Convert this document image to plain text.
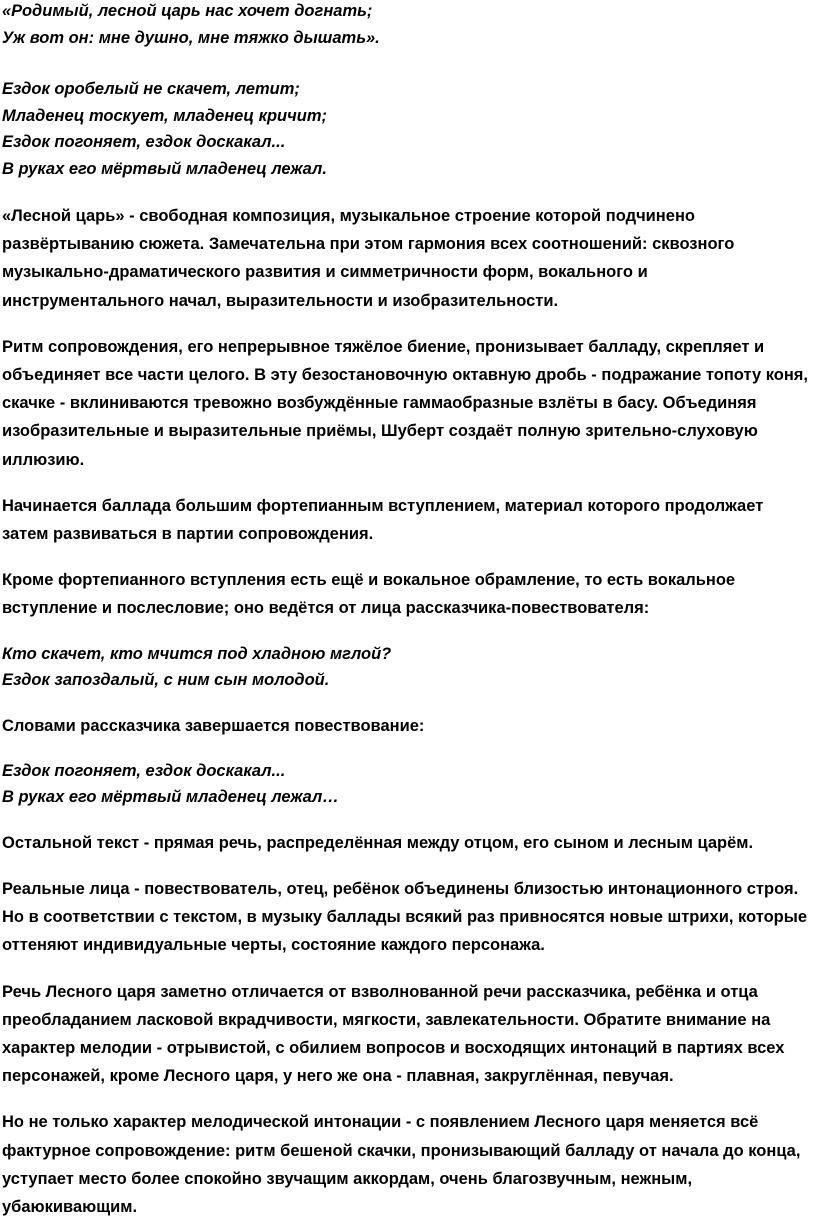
«Родимый, лесной царь нас хочет догнать;
Уж вот он: мне душно, мне тяжко дышать».
Ездок оробелый не скачет, летит;
Младенец тоскует, младенец кричит;
Ездок погоняет, ездок доскакал...
В руках его мёртвый младенец лежал.

«Лесной царь» - свободная композиция, музыкальное строение которой подчинено развёртыванию сюжета. Замечательна при этом гармония всех соотношений: сквозного музыкально-драматического развития и симметричности форм, вокального и инструментального начал, выразительности и изобразительности.

Ритм сопровождения, его непрерывное тяжёлое биение, пронизывает балладу, скрепляет и объединяет все части целого. В эту безостановочную октавную дробь - подражание топоту коня, скачке - вклиниваются тревожно возбуждённые гаммаобразные взлёты в басу. Объединяя изобразительные и выразительные приёмы, Шуберт создаёт полную зрительно-слуховую иллюзию.

Начинается баллада большим фортепианным вступлением, материал которого продолжает затем развиваться в партии сопровождения.

Кроме фортепианного вступления есть ещё и вокальное обрамление, то есть вокальное вступление и послесловие; оно ведётся от лица рассказчика-повествователя:

Кто скачет, кто мчится под хладною мглой?
Ездок запоздалый, с ним сын молодой.

Словами рассказчика завершается повествование:

Ездок погоняет, ездок доскакал...
В руках его мёртвый младенец лежал…

Остальной текст - прямая речь, распределённая между отцом, его сыном и лесным царём.

Реальные лица - повествователь, отец, ребёнок объединены близостью интонационного строя. Но в соответствии с текстом, в музыку баллады всякий раз привносятся новые штрихи, которые оттеняют индивидуальные черты, состояние каждого персонажа.

Речь Лесного царя заметно отличается от взволнованной речи рассказчика, ребёнка и отца преобладанием ласковой вкрадчивости, мягкости, завлекательности. Обратите внимание на характер мелодии - отрывистой, с обилием вопросов и восходящих интонаций в партиях всех персонажей, кроме Лесного царя, у него же она - плавная, закруглённая, певучая.

Но не только характер мелодической интонации - с появлением Лесного царя меняется всё фактурное сопровождение: ритм бешеной скачки, пронизывающий балладу от начала до конца, уступает место более спокойно звучащим аккордам, очень благозвучным, нежным, убаюкивающим.
